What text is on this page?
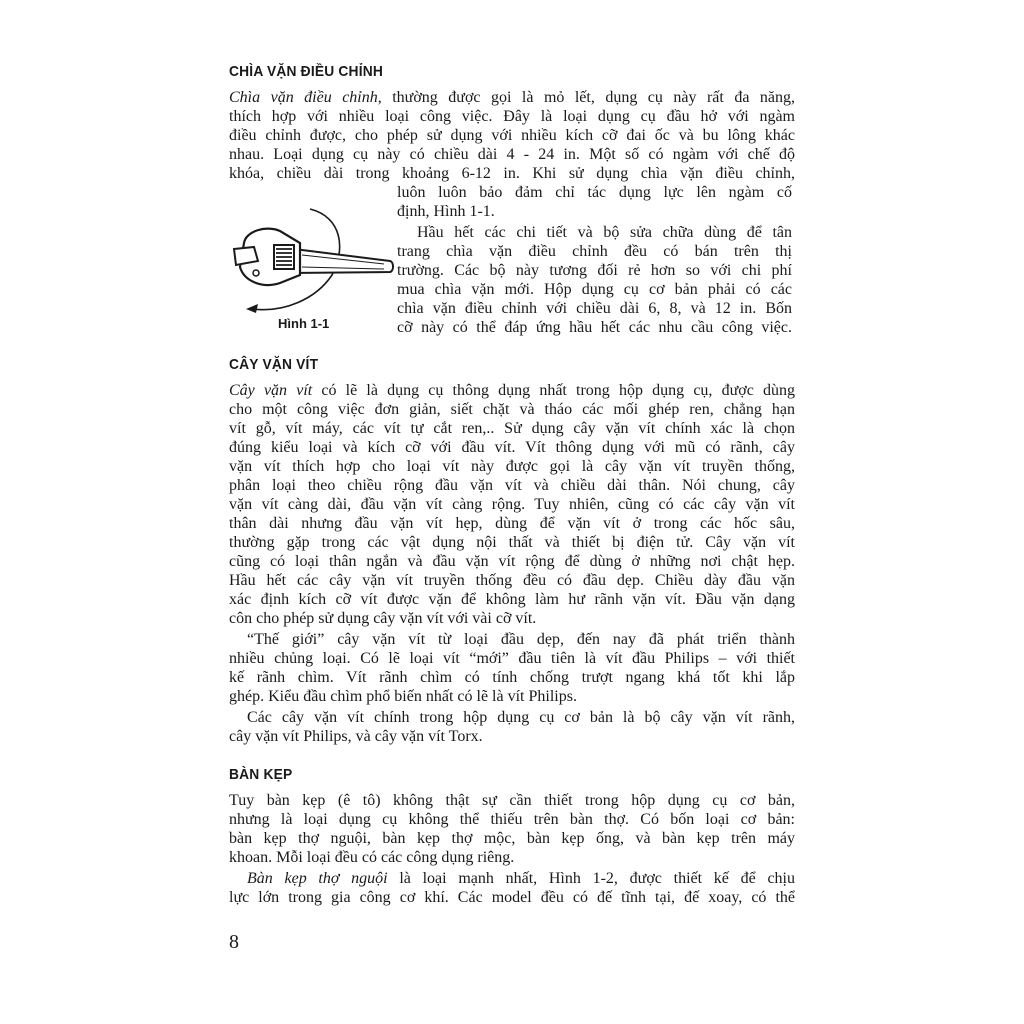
CHÌA VẶN ĐIỀU CHỈNH
Chìa vặn điều chỉnh, thường được gọi là mỏ lết, dụng cụ này rất đa năng,
thích hợp với nhiều loại công việc. Đây là loại dụng cụ đầu hở với ngàm
điều chỉnh được, cho phép sử dụng với nhiều kích cỡ đai ốc và bu lông khác
nhau. Loại dụng cụ này có chiều dài 4 - 24 in. Một số có ngàm với chế độ
khóa, chiều dài trong khoảng 6-12 in. Khi sử dụng chìa vặn điều chỉnh,
luôn luôn bảo đảm chỉ tác dụng lực lên ngàm cố
định, Hình 1-1.
Hầu hết các chi tiết và bộ sửa chữa dùng để tân
trang chìa vặn điều chỉnh đều có bán trên thị
trường. Các bộ này tương đối rẻ hơn so với chi phí
mua chìa vặn mới. Hộp dụng cụ cơ bản phải có các
chìa vặn điều chỉnh với chiều dài 6, 8, và 12 in. Bốn
cỡ này có thể đáp ứng hầu hết các nhu cầu công việc.
Hình 1-1
CÂY VẶN VÍT
Cây vặn vít có lẽ là dụng cụ thông dụng nhất trong hộp dụng cụ, được dùng
cho một công việc đơn giản, siết chặt và tháo các mối ghép ren, chẳng hạn
vít gỗ, vít máy, các vít tự cắt ren,.. Sử dụng cây vặn vít chính xác là chọn
đúng kiểu loại và kích cỡ với đầu vít. Vít thông dụng với mũ có rãnh, cây
vặn vít thích hợp cho loại vít này được gọi là cây vặn vít truyền thống,
phân loại theo chiều rộng đầu vặn vít và chiều dài thân. Nói chung, cây
vặn vít càng dài, đầu vặn vít càng rộng. Tuy nhiên, cũng có các cây vặn vít
thân dài nhưng đầu vặn vít hẹp, dùng để vặn vít ở trong các hốc sâu,
thường gặp trong các vật dụng nội thất và thiết bị điện tử. Cây vặn vít
cũng có loại thân ngắn và đầu vặn vít rộng để dùng ở những nơi chật hẹp.
Hầu hết các cây vặn vít truyền thống đều có đầu dẹp. Chiều dày đầu vặn
xác định kích cỡ vít được vặn để không làm hư rãnh vặn vít. Đầu vặn dạng
côn cho phép sử dụng cây vặn vít với vài cỡ vít.
“Thế giới” cây vặn vít từ loại đầu dẹp, đến nay đã phát triển thành
nhiều chủng loại. Có lẽ loại vít “mới” đầu tiên là vít đầu Philips – với thiết
kế rãnh chìm. Vít rãnh chìm có tính chống trượt ngang khá tốt khi lắp
ghép. Kiểu đầu chìm phổ biến nhất có lẽ là vít Philips.
Các cây vặn vít chính trong hộp dụng cụ cơ bản là bộ cây vặn vít rãnh,
cây vặn vít Philips, và cây vặn vít Torx.
BÀN KẸP
Tuy bàn kẹp (ê tô) không thật sự cần thiết trong hộp dụng cụ cơ bản,
nhưng là loại dụng cụ không thể thiếu trên bàn thợ. Có bốn loại cơ bản:
bàn kẹp thợ nguội, bàn kẹp thợ mộc, bàn kẹp ống, và bàn kẹp trên máy
khoan. Mỗi loại đều có các công dụng riêng.
Bàn kẹp thợ nguội là loại mạnh nhất, Hình 1-2, được thiết kế để chịu
lực lớn trong gia công cơ khí. Các model đều có đế tĩnh tại, đế xoay, có thể
8
